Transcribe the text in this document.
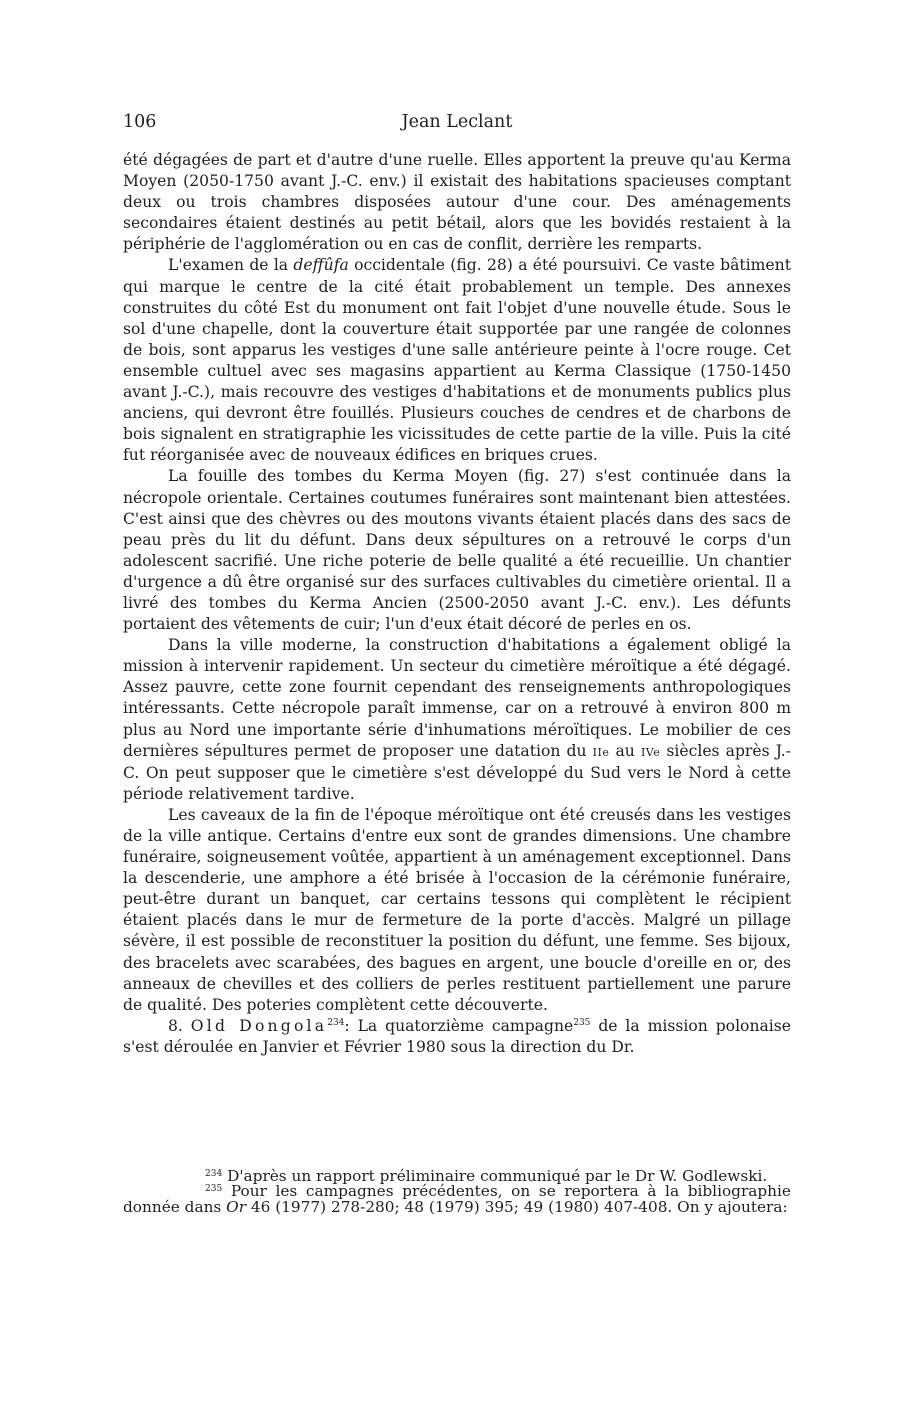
106	Jean Leclant

été dégagées de part et d'autre d'une ruelle. Elles apportent la preuve qu'au Kerma Moyen (2050-1750 avant J.-C. env.) il existait des habitations spacieuses comptant deux ou trois chambres disposées autour d'une cour. Des aménagements secondaires étaient destinés au petit bétail, alors que les bovidés restaient à la périphérie de l'agglomération ou en cas de conflit, derrière les remparts.

L'examen de la deffûfa occidentale (fig. 28) a été poursuivi. Ce vaste bâtiment qui marque le centre de la cité était probablement un temple. Des annexes construites du côté Est du monument ont fait l'objet d'une nouvelle étude. Sous le sol d'une chapelle, dont la couverture était supportée par une rangée de colonnes de bois, sont apparus les vestiges d'une salle antérieure peinte à l'ocre rouge. Cet ensemble cultuel avec ses magasins appartient au Kerma Classique (1750-1450 avant J.-C.), mais recouvre des vestiges d'habitations et de monuments publics plus anciens, qui devront être fouillés. Plusieurs couches de cendres et de charbons de bois signalent en stratigraphie les vicissitudes de cette partie de la ville. Puis la cité fut réorganisée avec de nouveaux édifices en briques crues.

La fouille des tombes du Kerma Moyen (fig. 27) s'est continuée dans la nécropole orientale. Certaines coutumes funéraires sont maintenant bien attestées. C'est ainsi que des chèvres ou des moutons vivants étaient placés dans des sacs de peau près du lit du défunt. Dans deux sépultures on a retrouvé le corps d'un adolescent sacrifié. Une riche poterie de belle qualité a été recueillie. Un chantier d'urgence a dû être organisé sur des surfaces cultivables du cimetière oriental. Il a livré des tombes du Kerma Ancien (2500-2050 avant J.-C. env.). Les défunts portaient des vêtements de cuir; l'un d'eux était décoré de perles en os.

Dans la ville moderne, la construction d'habitations a également obligé la mission à intervenir rapidement. Un secteur du cimetière méroïtique a été dégagé. Assez pauvre, cette zone fournit cependant des renseignements anthropologiques intéressants. Cette nécropole paraît immense, car on a retrouvé à environ 800 m plus au Nord une importante série d'inhumations méroïtiques. Le mobilier de ces dernières sépultures permet de proposer une datation du IIe au IVe siècles après J.-C. On peut supposer que le cimetière s'est développé du Sud vers le Nord à cette période relativement tardive.

Les caveaux de la fin de l'époque méroïtique ont été creusés dans les vestiges de la ville antique. Certains d'entre eux sont de grandes dimensions. Une chambre funéraire, soigneusement voûtée, appartient à un aménagement exceptionnel. Dans la descenderie, une amphore a été brisée à l'occasion de la cérémonie funéraire, peut-être durant un banquet, car certains tessons qui complètent le récipient étaient placés dans le mur de fermeture de la porte d'accès. Malgré un pillage sévère, il est possible de reconstituer la position du défunt, une femme. Ses bijoux, des bracelets avec scarabées, des bagues en argent, une boucle d'oreille en or, des anneaux de chevilles et des colliers de perles restituent partiellement une parure de qualité. Des poteries complètent cette découverte.

8. Old Dongola$^{234}$: La quatorzième campagne$^{235}$ de la mission polonaise s'est déroulée en Janvier et Février 1980 sous la direction du Dr.

$^{234}$ D'après un rapport préliminaire communiqué par le Dr W. Godlewski.

$^{235}$ Pour les campagnes précédentes, on se reportera à la bibliographie donnée dans Or 46 (1977) 278-280; 48 (1979) 395; 49 (1980) 407-408. On y ajoutera:
